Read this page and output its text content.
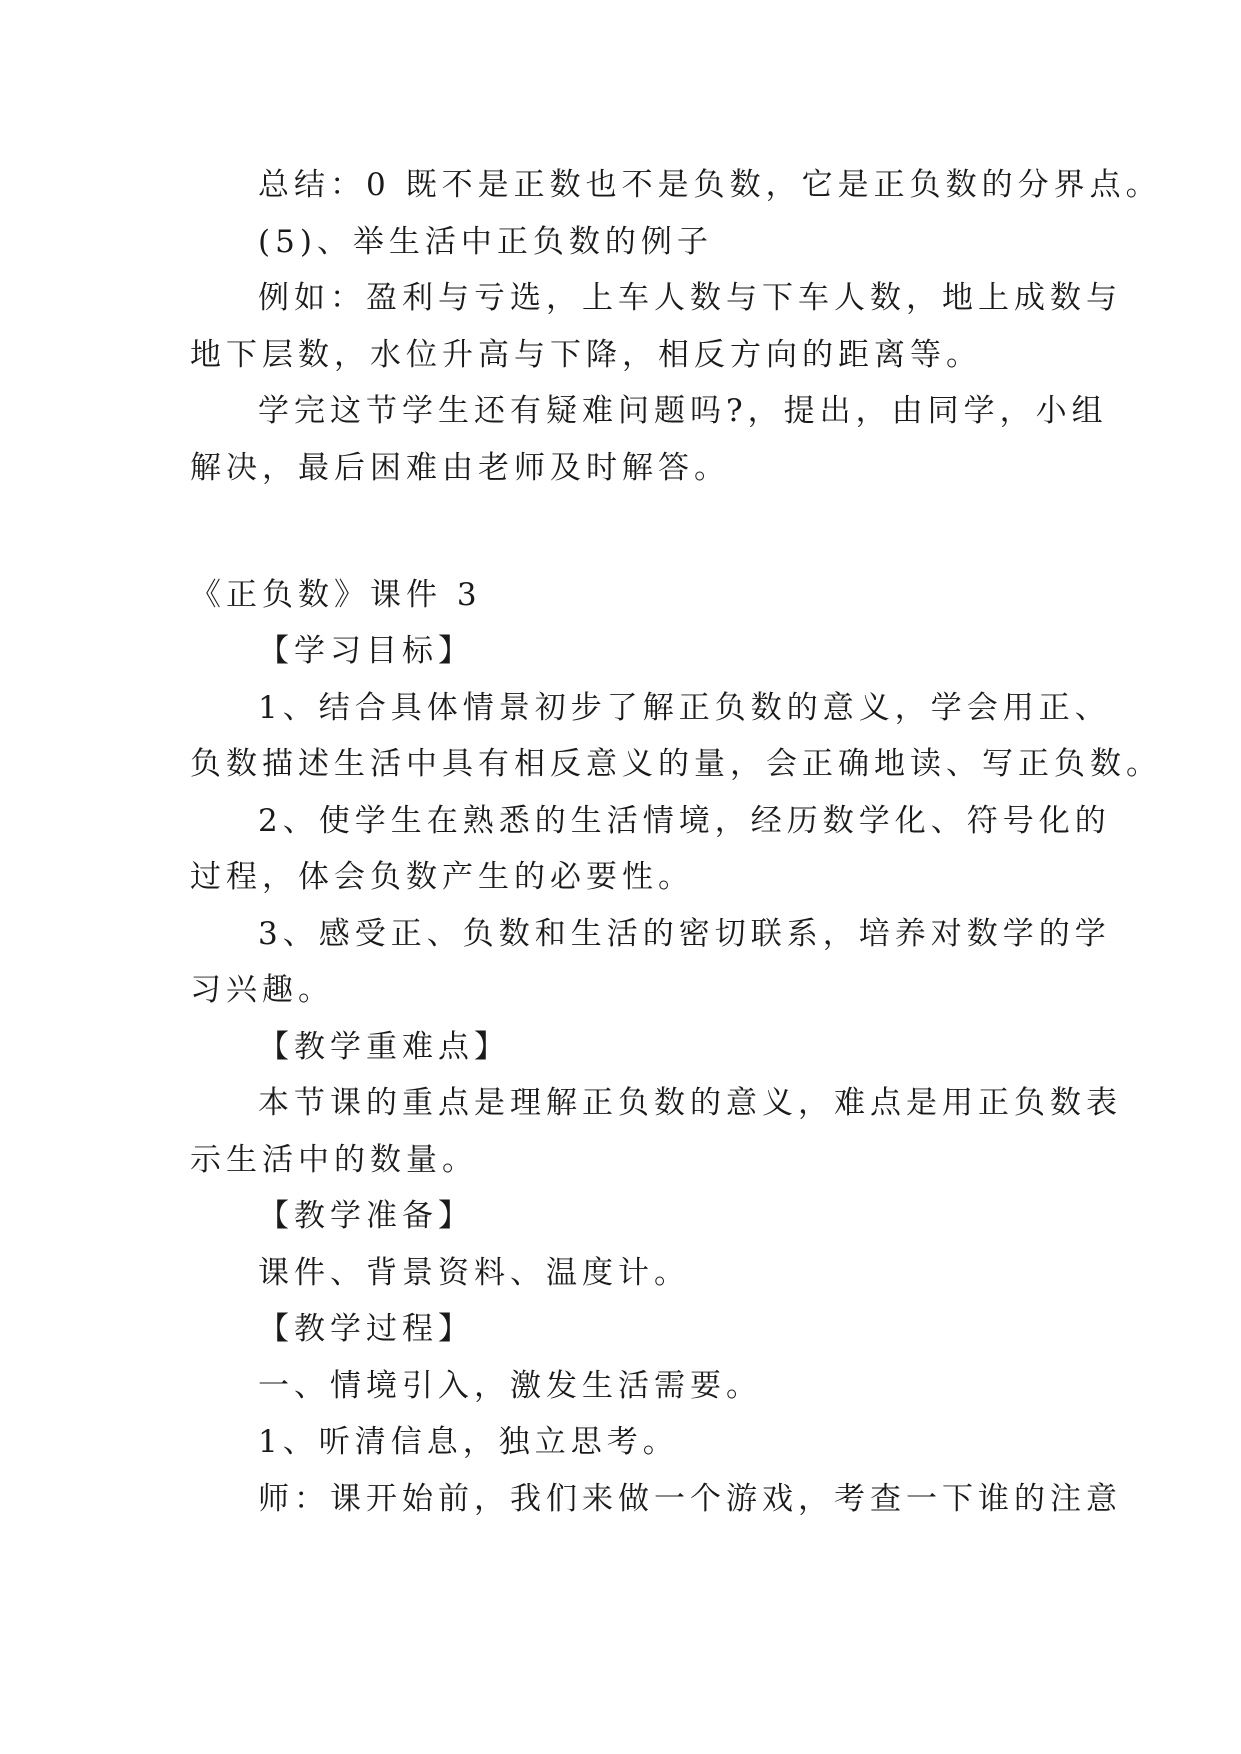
总结：0 既不是正数也不是负数，它是正负数的分界点。
(5)、举生活中正负数的例子
例如：盈利与亏选，上车人数与下车人数，地上成数与
地下层数，水位升高与下降，相反方向的距离等。
学完这节学生还有疑难问题吗?，提出，由同学，小组
解决，最后困难由老师及时解答。
《正负数》课件 3
【学习目标】
1、结合具体情景初步了解正负数的意义，学会用正、
负数描述生活中具有相反意义的量，会正确地读、写正负数。
2、使学生在熟悉的生活情境，经历数学化、符号化的
过程，体会负数产生的必要性。
3、感受正、负数和生活的密切联系，培养对数学的学
习兴趣。
【教学重难点】
本节课的重点是理解正负数的意义，难点是用正负数表
示生活中的数量。
【教学准备】
课件、背景资料、温度计。
【教学过程】
一、情境引入，激发生活需要。
1、听清信息，独立思考。
师：课开始前，我们来做一个游戏，考查一下谁的注意
